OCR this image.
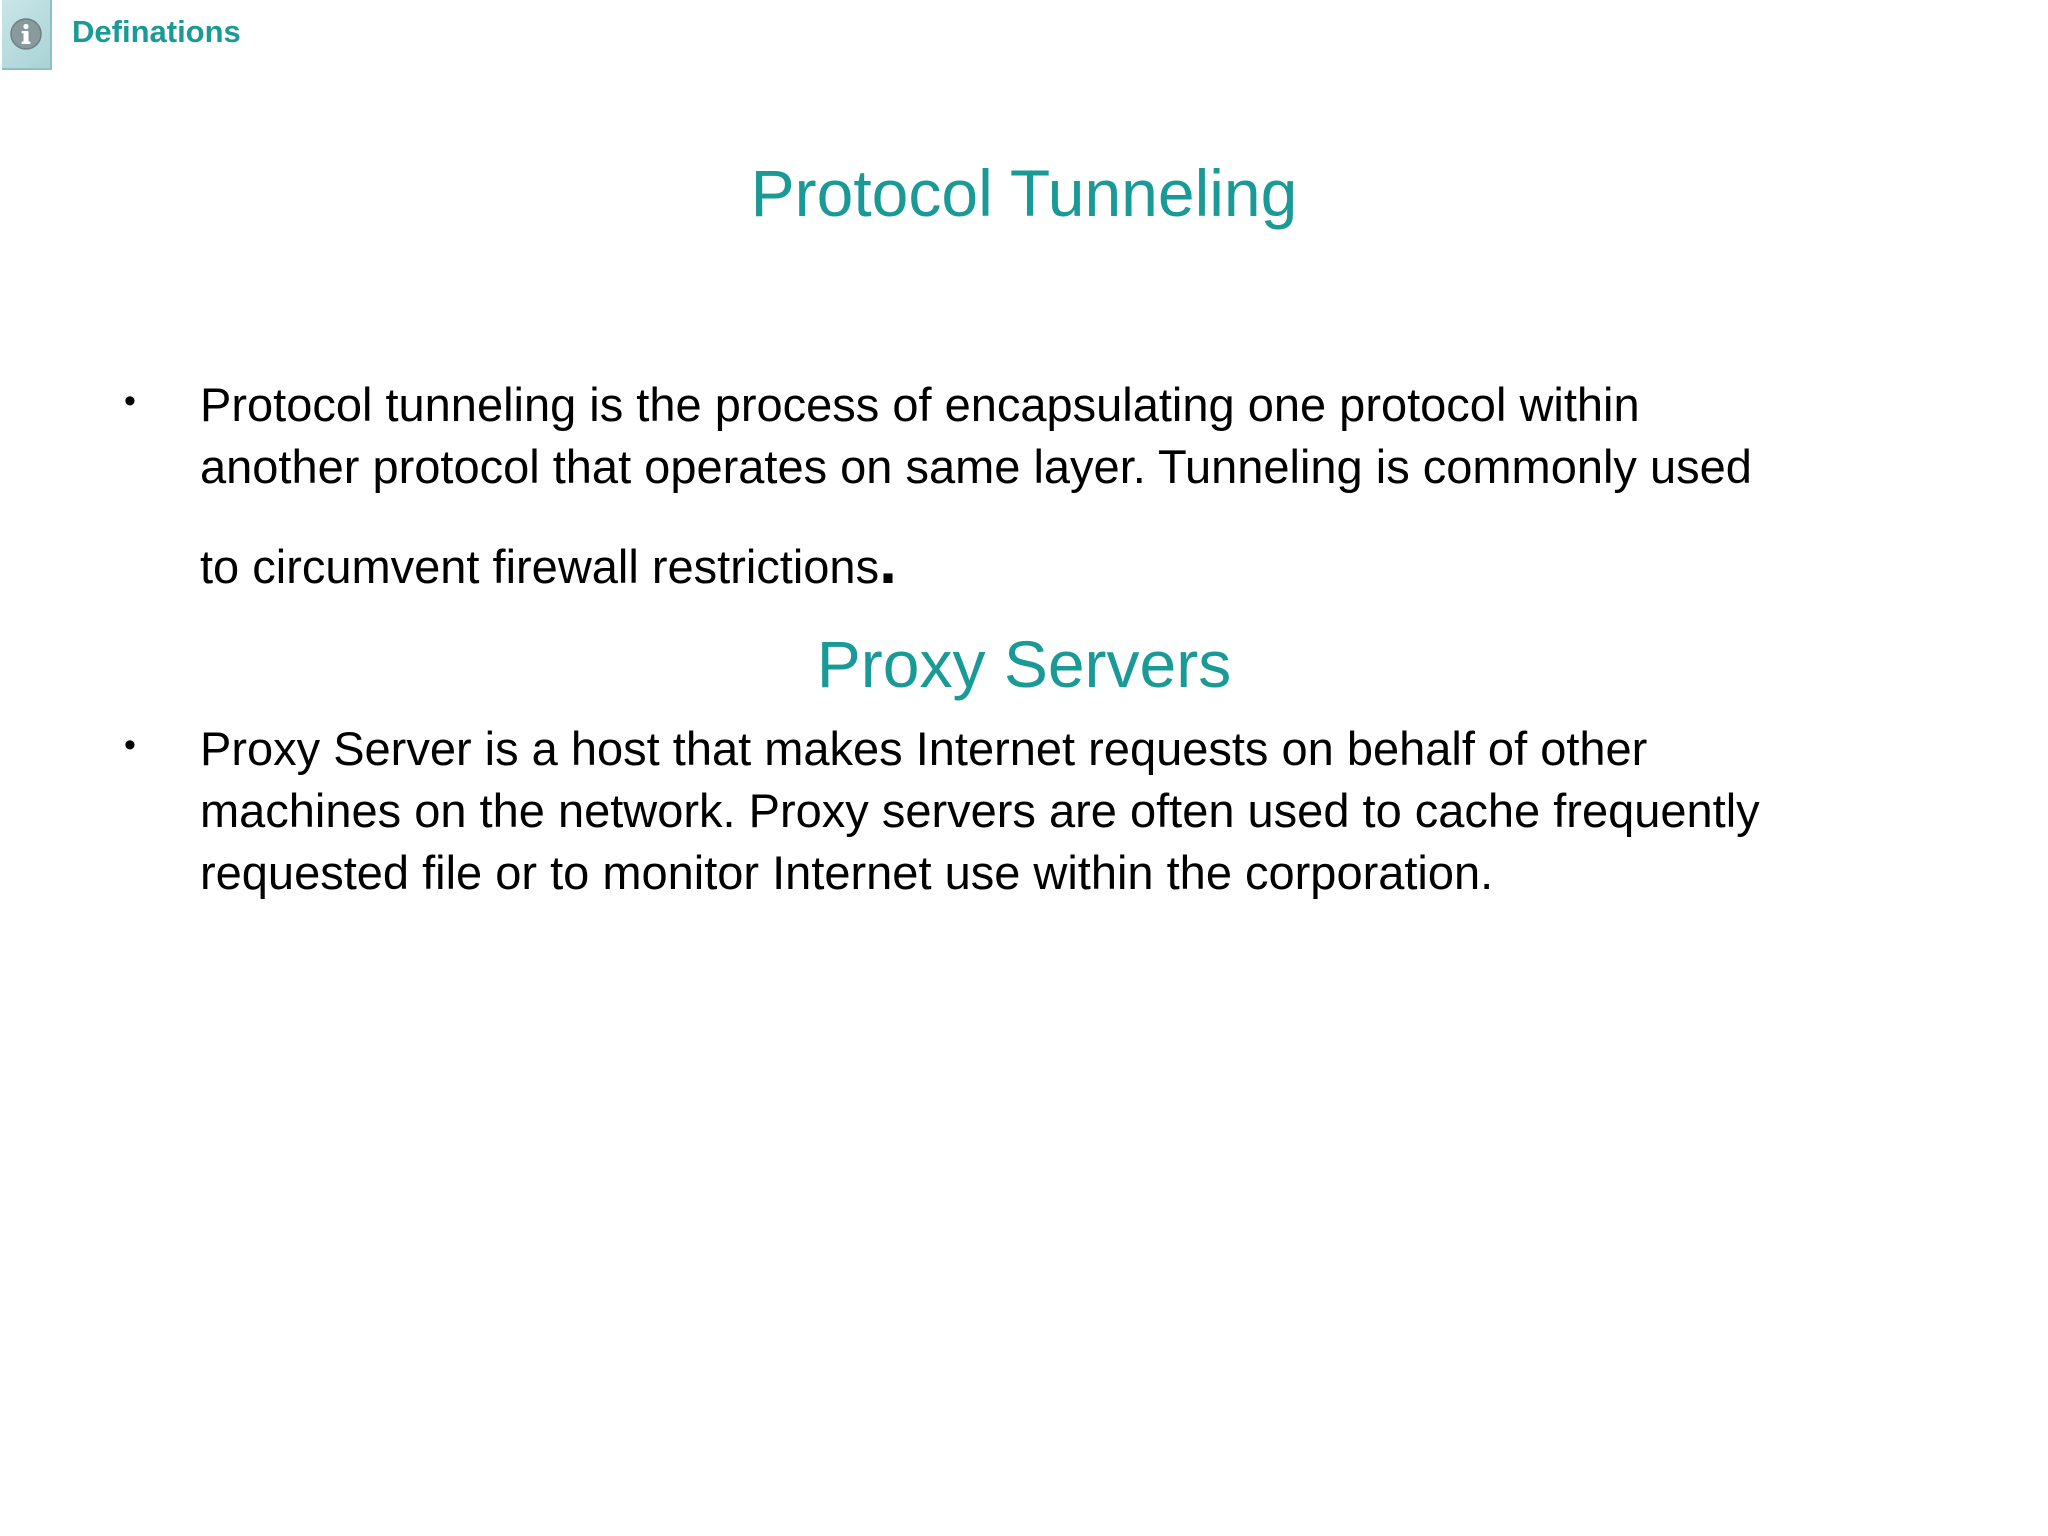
Definations
Protocol Tunneling
• Protocol tunneling is the process of encapsulating one protocol within
another protocol that operates on same layer. Tunneling is commonly used
to circumvent firewall restrictions.
Proxy Servers
• Proxy Server is a host that makes Internet requests on behalf of other
machines on the network. Proxy servers are often used to cache frequently
requested file or to monitor Internet use within the corporation.
